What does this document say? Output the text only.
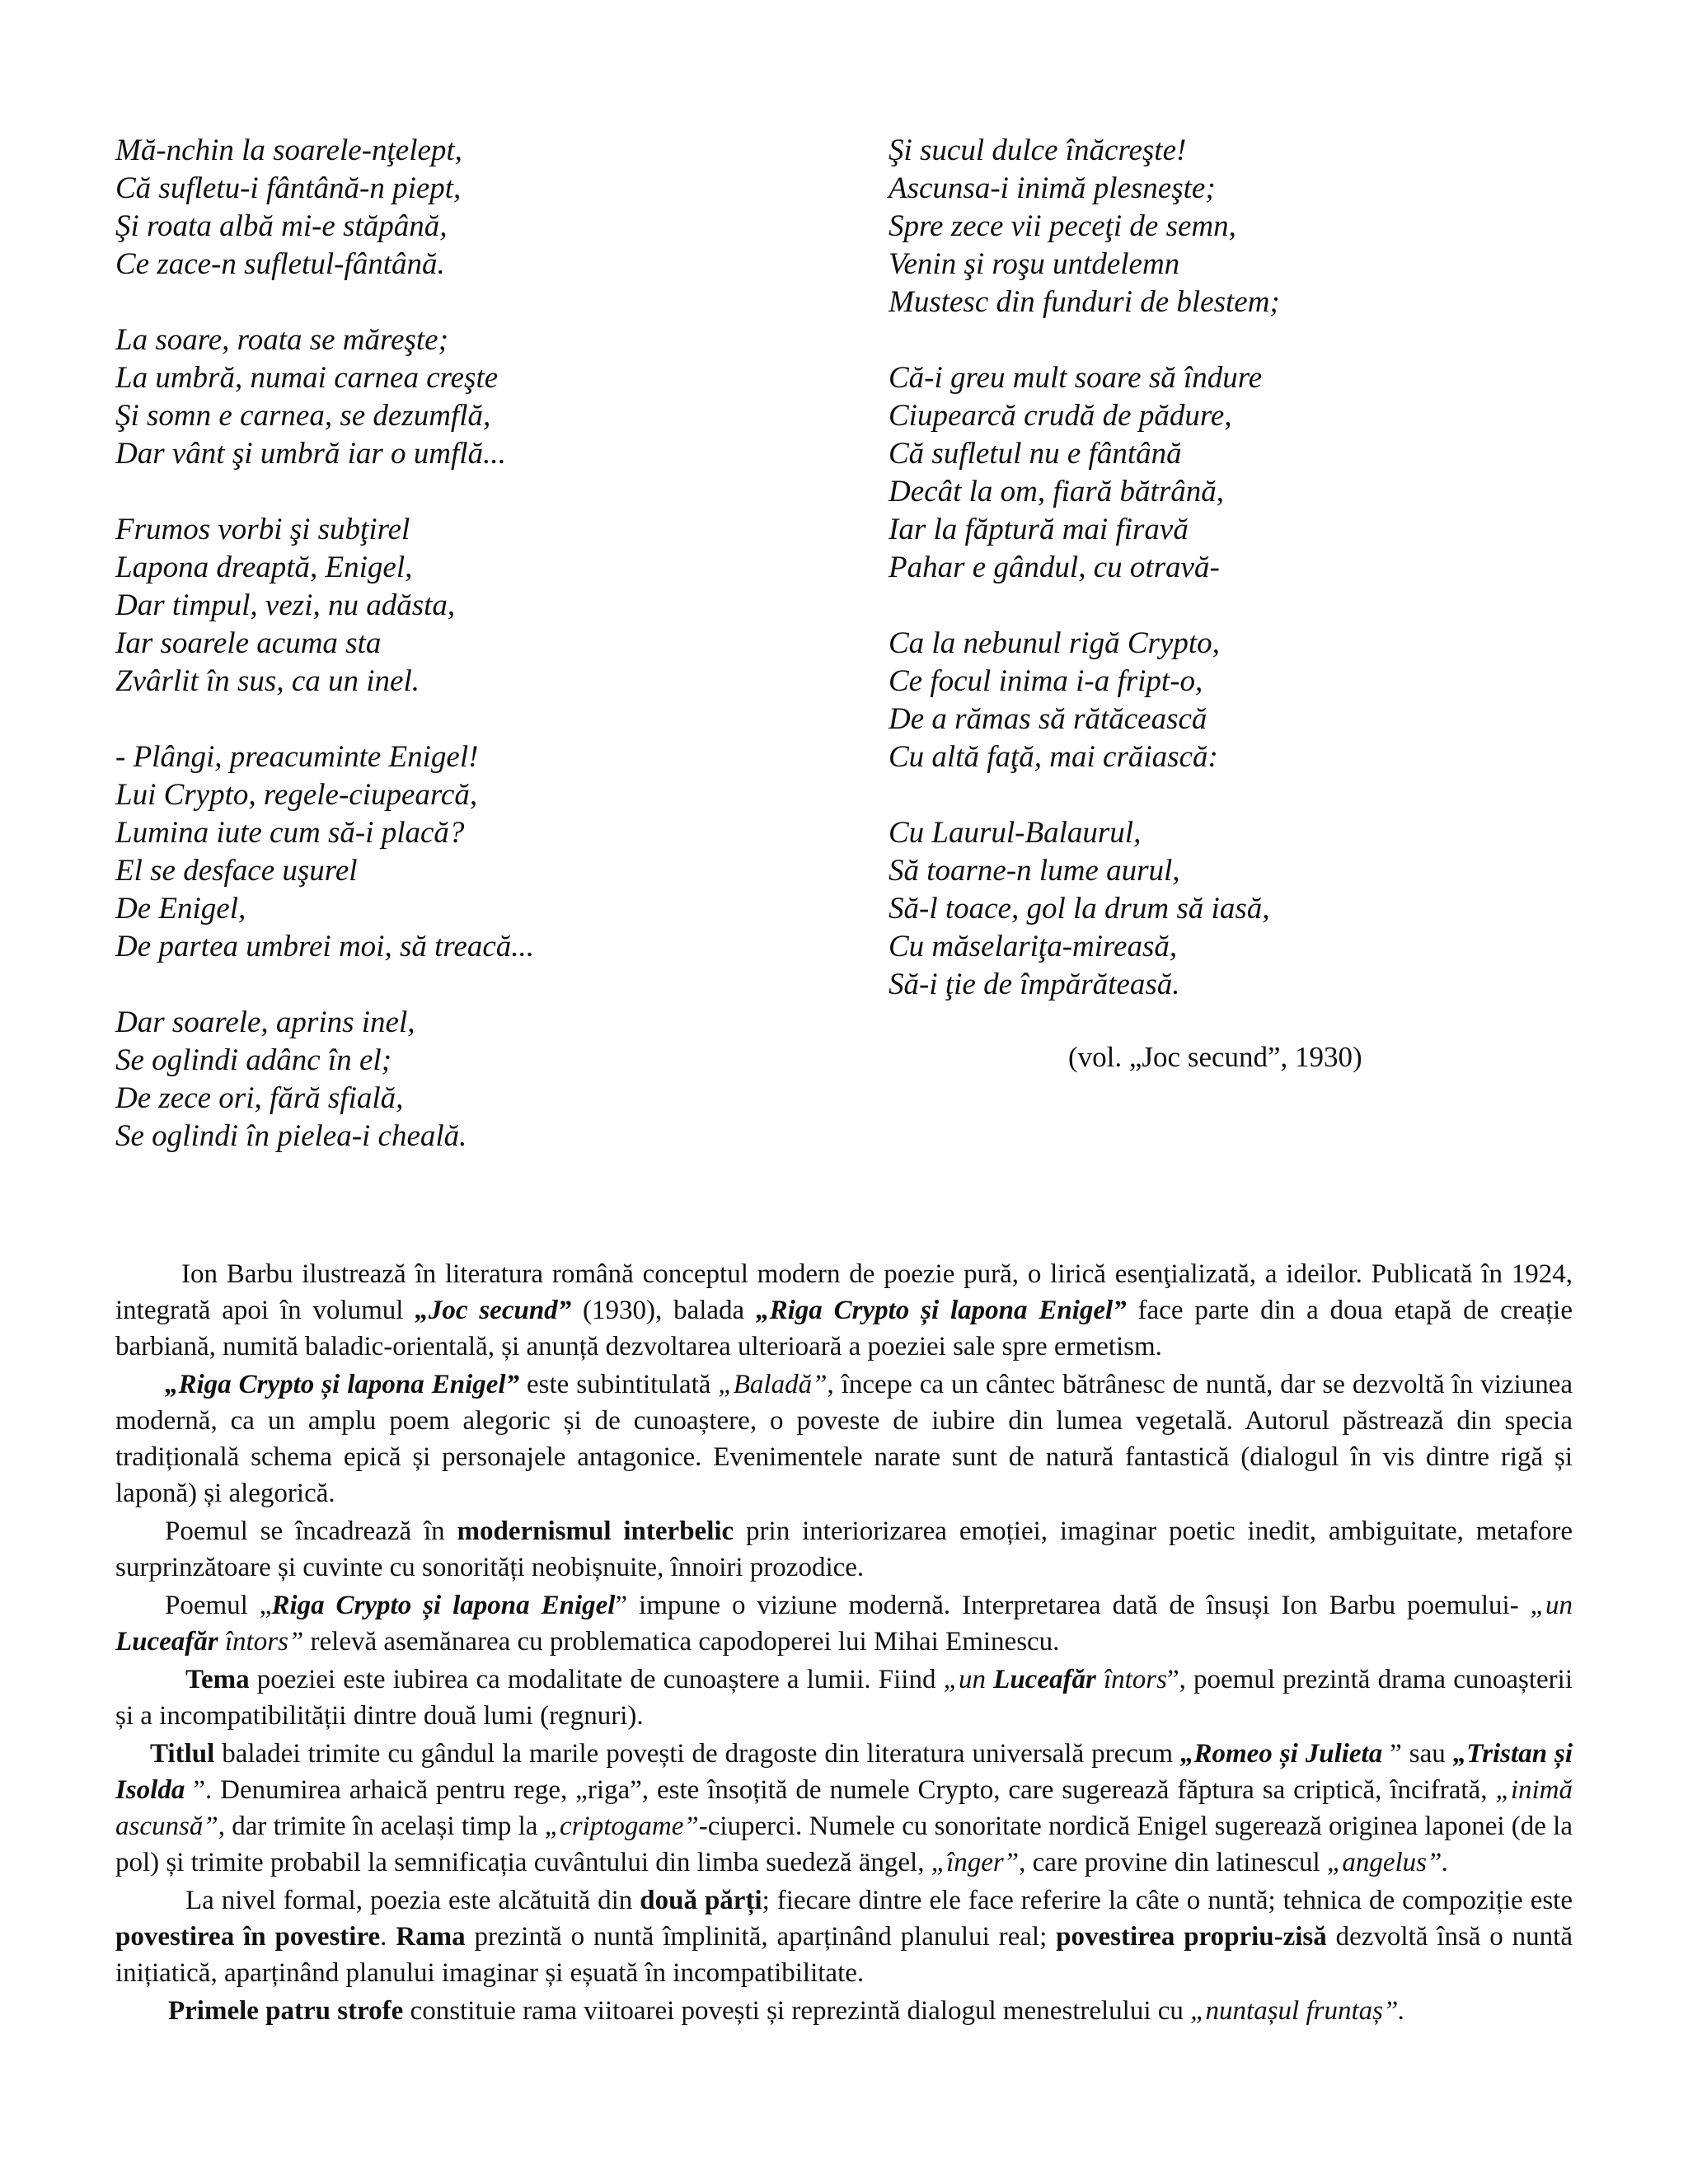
Mă-nchin la soarele-nţelept,
Că sufletu-i fântână-n piept,
Şi roata albă mi-e stăpână,
Ce zace-n sufletul-fântână.
La soare, roata se măreşte;
La umbră, numai carnea creşte
Şi somn e carnea, se dezumflă,
Dar vânt şi umbră iar o umflă...
Frumos vorbi şi subţirel
Lapona dreaptă, Enigel,
Dar timpul, vezi, nu adăsta,
Iar soarele acuma sta
Zvârlit în sus, ca un inel.
- Plângi, preacuminte Enigel!
Lui Crypto, regele-ciupearcă,
Lumina iute cum să-i placă?
El se desface uşurel
De Enigel,
De partea umbrei moi, să treacă...
Dar soarele, aprins inel,
Se oglindi adânc în el;
De zece ori, fără sfială,
Se oglindi în pielea-i cheală.
Şi sucul dulce înăcreşte!
Ascunsa-i inimă plesneşte;
Spre zece vii peceţi de semn,
Venin şi roşu untdelemn
Mustesc din funduri de blestem;
Că-i greu mult soare să îndure
Ciupearcă crudă de pădure,
Că sufletul nu e fântână
Decât la om, fiară bătrână,
Iar la făptură mai firavă
Pahar e gândul, cu otravă-
Ca la nebunul rigă Crypto,
Ce focul inima i-a fript-o,
De a rămas să rătăcească
Cu altă faţă, mai crăiască:
Cu Laurul-Balaurul,
Să toarne-n lume aurul,
Să-l toace, gol la drum să iasă,
Cu măselariţa-mireasă,
Să-i ţie de împărăteasă.
(vol. „Joc secund”, 1930)

Ion Barbu ilustrează în literatura română conceptul modern de poezie pură, o lirică esenţializată, a ideilor. Publicată în 1924, integrată apoi în volumul „Joc secund” (1930), balada „Riga Crypto și lapona Enigel” face parte din a doua etapă de creație barbiană, numită baladic-orientală, și anunță dezvoltarea ulterioară a poeziei sale spre ermetism.

„Riga Crypto și lapona Enigel” este subintitulată „Baladă”, începe ca un cântec bătrânesc de nuntă, dar se dezvoltă în viziunea modernă, ca un amplu poem alegoric și de cunoaștere, o poveste de iubire din lumea vegetală. Autorul păstrează din specia tradițională schema epică și personajele antagonice. Evenimentele narate sunt de natură fantastică (dialogul în vis dintre rigă și laponă) și alegorică.

Poemul se încadrează în modernismul interbelic prin interiorizarea emoției, imaginar poetic inedit, ambiguitate, metafore surprinzătoare și cuvinte cu sonorități neobișnuite, înnoiri prozodice.

Poemul „Riga Crypto și lapona Enigel” impune o viziune modernă. Interpretarea dată de însuși Ion Barbu poemului- „un Luceafăr întors” relevă asemănarea cu problematica capodoperei lui Mihai Eminescu.

Tema poeziei este iubirea ca modalitate de cunoaștere a lumii. Fiind „un Luceafăr întors”, poemul prezintă drama cunoașterii și a incompatibilității dintre două lumi (regnuri).

Titlul baladei trimite cu gândul la marile povești de dragoste din literatura universală precum „Romeo și Julieta ” sau „Tristan și Isolda ”. Denumirea arhaică pentru rege, „riga”, este însoțită de numele Crypto, care sugerează făptura sa criptică, încifrată, „inimă ascunsă”, dar trimite în același timp la „criptogame”-ciuperci. Numele cu sonoritate nordică Enigel sugerează originea laponei (de la pol) și trimite probabil la semnificația cuvântului din limba suedeză ängel, „înger”, care provine din latinescul „angelus”.

La nivel formal, poezia este alcătuită din două părți; fiecare dintre ele face referire la câte o nuntă; tehnica de compoziție este povestirea în povestire. Rama prezintă o nuntă împlinită, aparținând planului real; povestirea propriu-zisă dezvoltă însă o nuntă inițiatică, aparținând planului imaginar și eșuată în incompatibilitate.

Primele patru strofe constituie rama viitoarei povești și reprezintă dialogul menestrelului cu „nuntașul fruntaș”.
